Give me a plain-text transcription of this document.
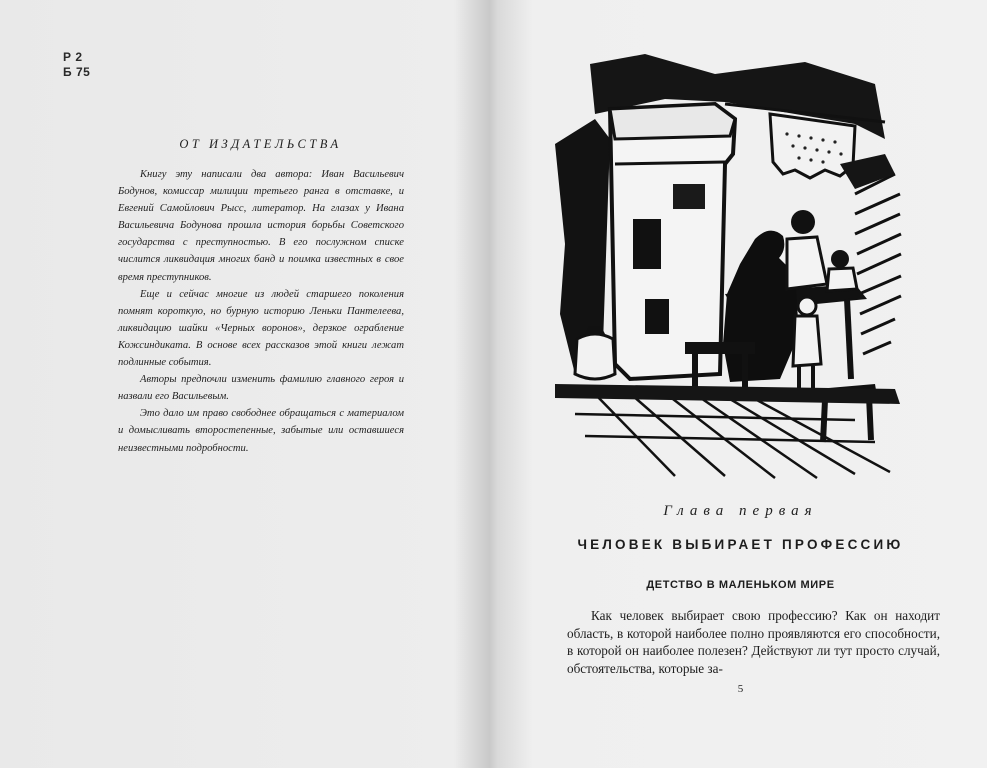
Р 2
Б 75
ОТ ИЗДАТЕЛЬСТВА

Книгу эту написали два автора: Иван Васильевич Бодунов, комиссар милиции третьего ранга в отставке, и Евгений Самойлович Рысс, литератор. На глазах у Ивана Васильевича Бодунова прошла история борьбы Советского государства с преступностью. В его послужном списке числится ликвидация многих банд и поимка известных в свое время преступников.

Еще и сейчас многие из людей старшего поколения помнят короткую, но бурную историю Леньки Пантелеева, ликвидацию шайки «Черных воронов», дерзкое ограбление Кожсиндиката. В основе всех рассказов этой книги лежат подлинные события.

Авторы предпочли изменить фамилию главного героя и назвали его Васильевым.

Это дало им право свободнее обращаться с материалом и домысливать второстепенные, забытые или оставшиеся неизвестными подробности.

Глава первая
ЧЕЛОВЕК ВЫБИРАЕТ ПРОФЕССИЮ
ДЕТСТВО В МАЛЕНЬКОМ МИРЕ

Как человек выбирает свою профессию? Как он находит область, в которой наиболее полно проявляются его способности, в которой он наиболее полезен? Действуют ли тут просто случай, обстоятельства, которые за-

5
